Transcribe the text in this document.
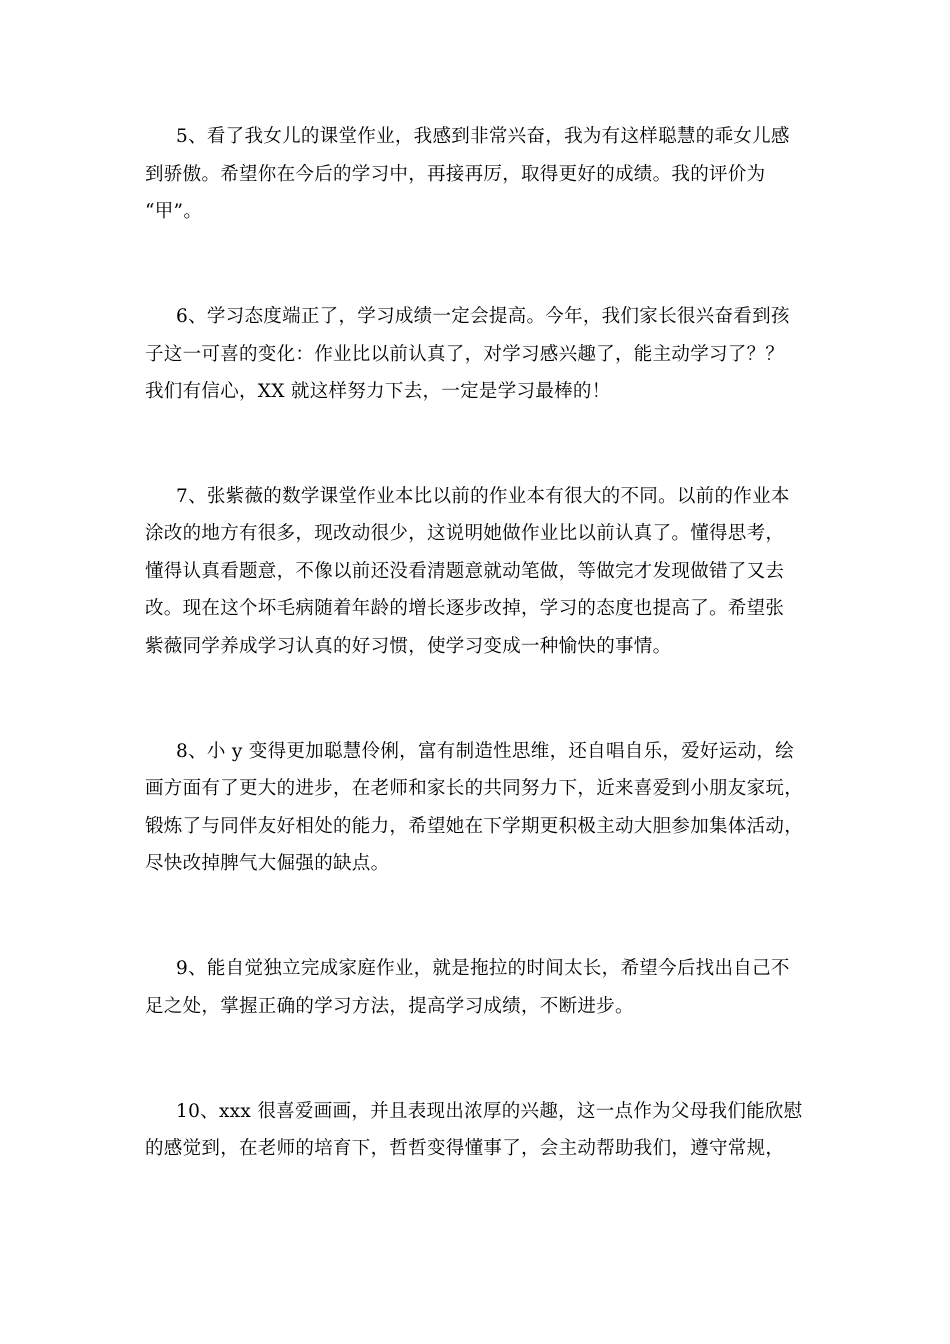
5、看了我女儿的课堂作业，我感到非常兴奋，我为有这样聪慧的乖女儿感
到骄傲。希望你在今后的学习中，再接再厉，取得更好的成绩。我的评价为
“甲”。
6、学习态度端正了，学习成绩一定会提高。今年，我们家长很兴奋看到孩
子这一可喜的变化：作业比以前认真了，对学习感兴趣了，能主动学习了？？
我们有信心，XX 就这样努力下去，一定是学习最棒的！
7、张紫薇的数学课堂作业本比以前的作业本有很大的不同。以前的作业本
涂改的地方有很多，现改动很少，这说明她做作业比以前认真了。懂得思考，
懂得认真看题意，不像以前还没看清题意就动笔做，等做完才发现做错了又去
改。现在这个坏毛病随着年龄的增长逐步改掉，学习的态度也提高了。希望张
紫薇同学养成学习认真的好习惯，使学习变成一种愉快的事情。
8、小 y 变得更加聪慧伶俐，富有制造性思维，还自唱自乐，爱好运动，绘
画方面有了更大的进步，在老师和家长的共同努力下，近来喜爱到小朋友家玩，
锻炼了与同伴友好相处的能力，希望她在下学期更积极主动大胆参加集体活动，
尽快改掉脾气大倔强的缺点。
9、能自觉独立完成家庭作业，就是拖拉的时间太长，希望今后找出自己不
足之处，掌握正确的学习方法，提高学习成绩，不断进步。
10、xxx 很喜爱画画，并且表现出浓厚的兴趣，这一点作为父母我们能欣慰
的感觉到，在老师的培育下，哲哲变得懂事了，会主动帮助我们，遵守常规，
